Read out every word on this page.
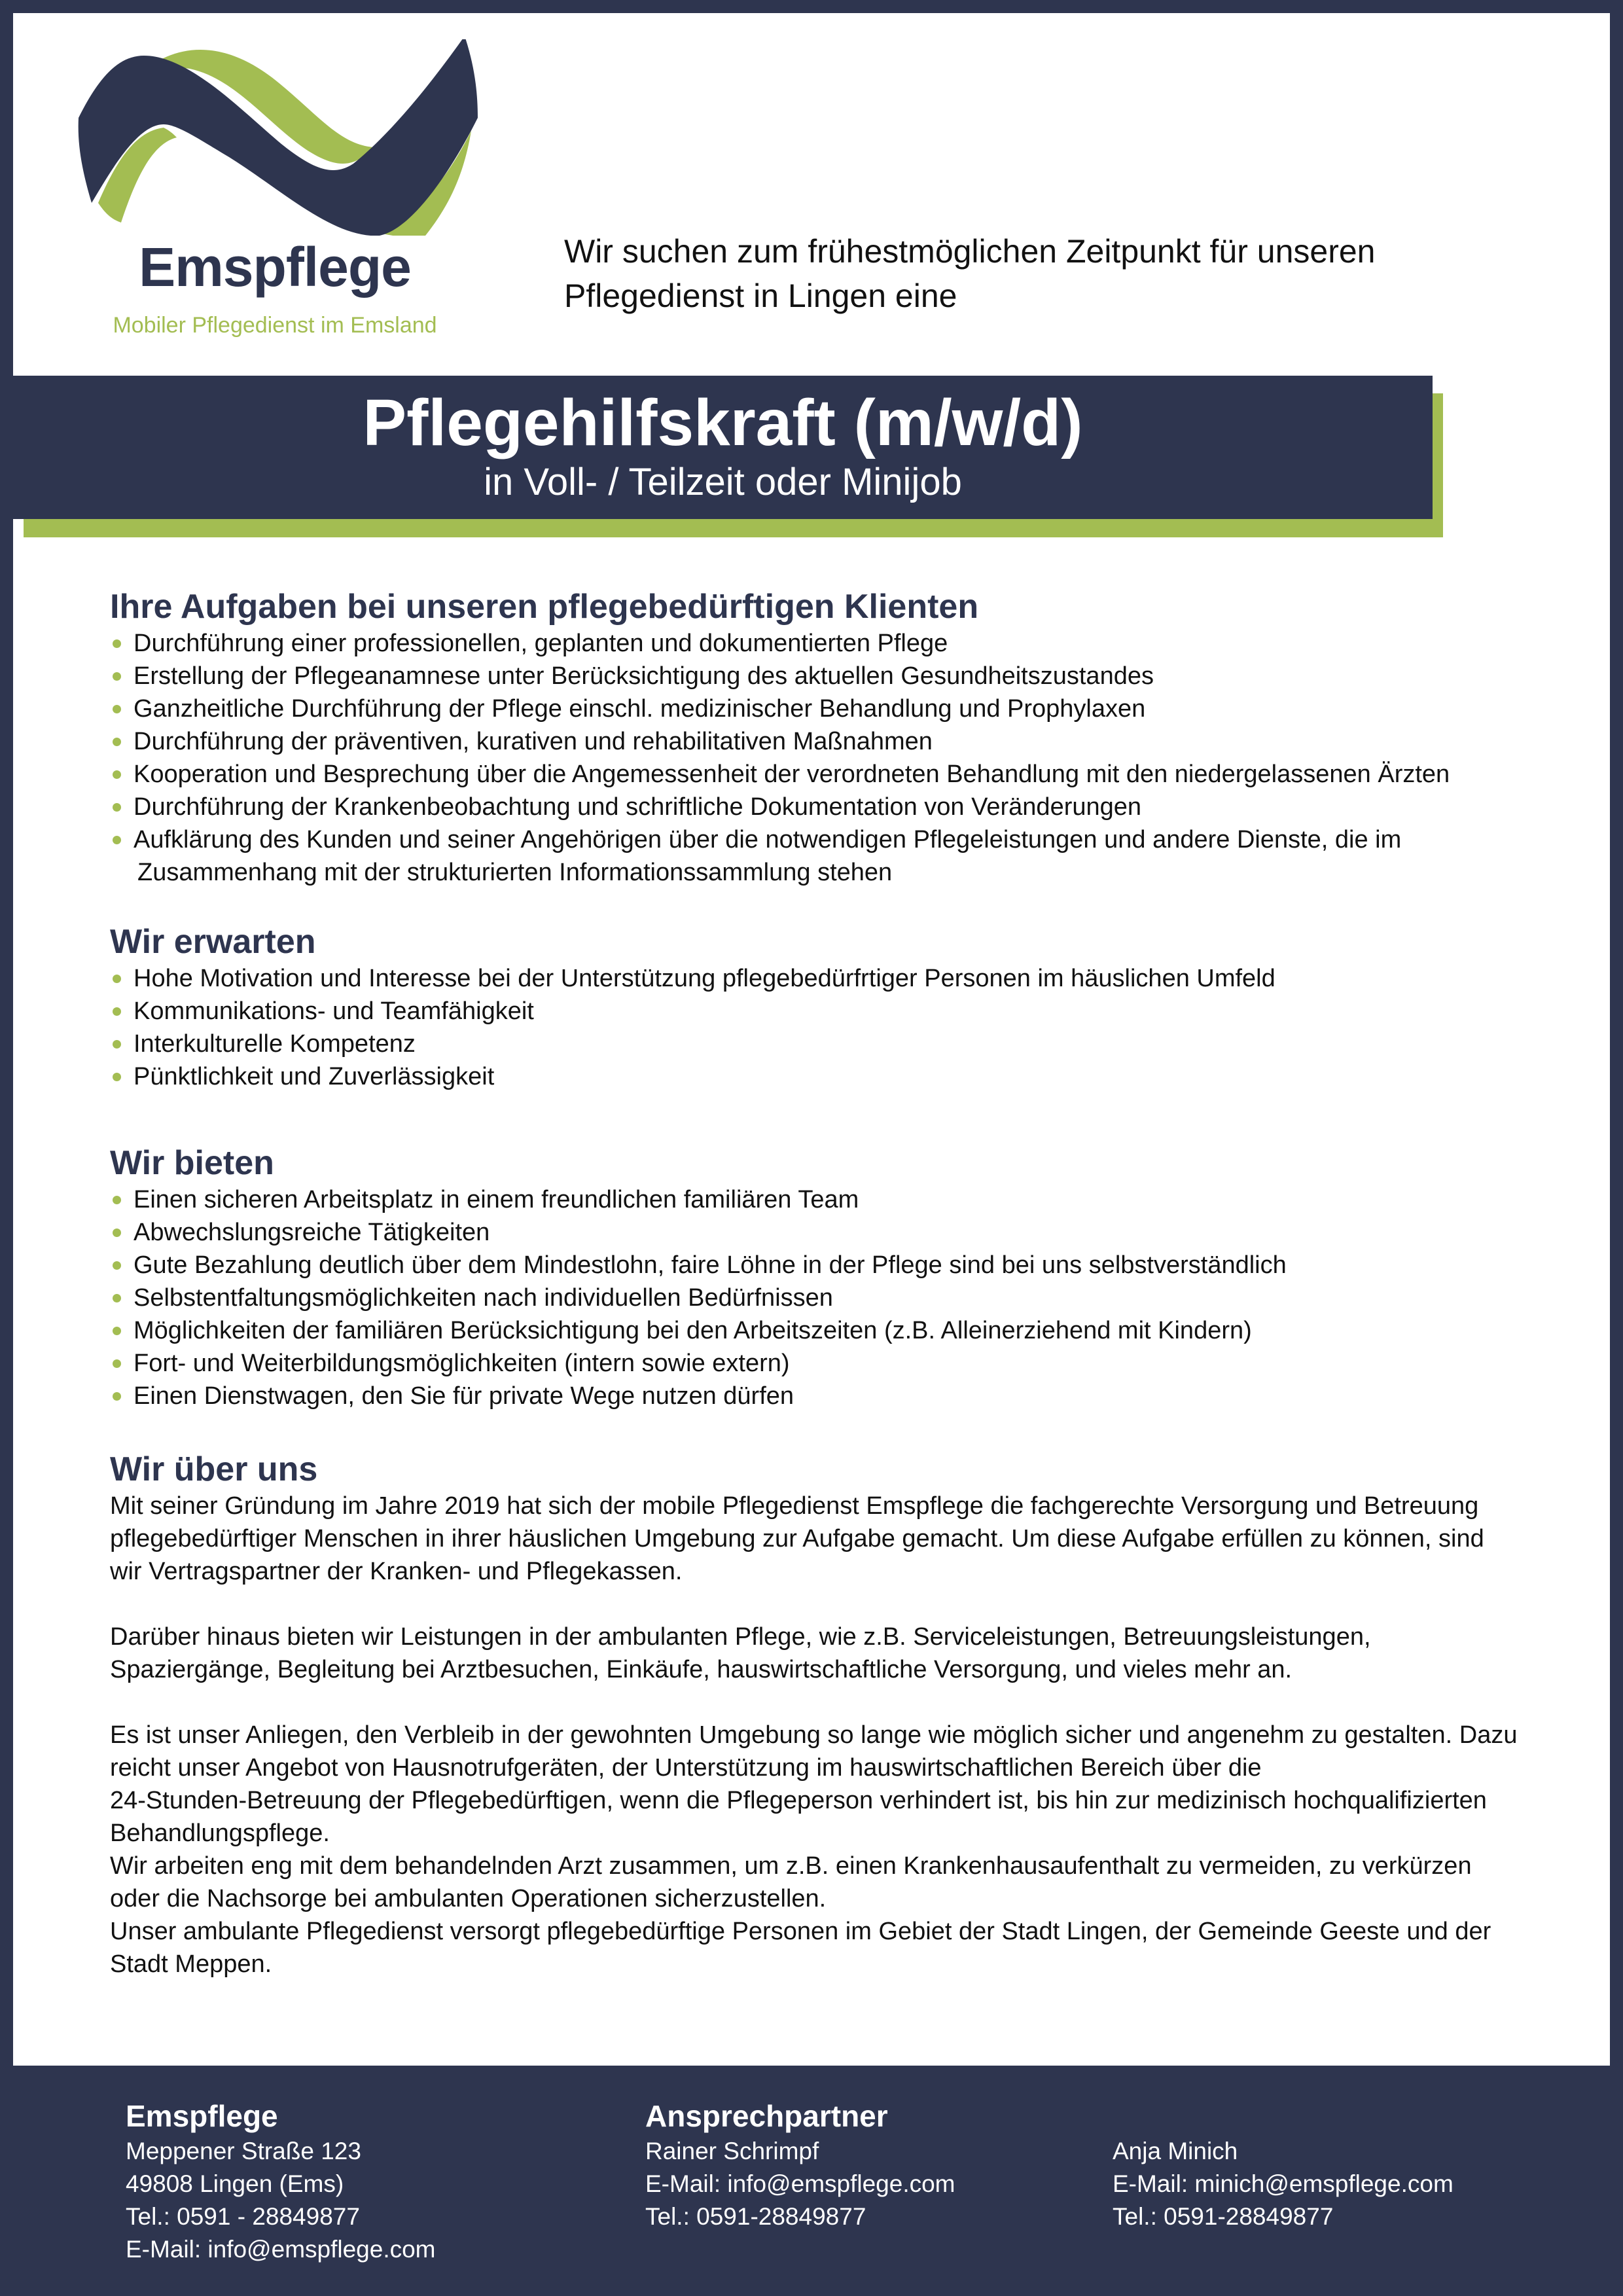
Emspflege
Mobiler Pflegedienst im Emsland
Wir suchen zum frühestmöglichen Zeitpunkt für unseren
Pflegedienst in Lingen eine
Pflegehilfskraft (m/w/d)
in Voll- / Teilzeit oder Minijob
Ihre Aufgaben bei unseren pflegebedürftigen Klienten
Durchführung einer professionellen, geplanten und dokumentierten Pflege
Erstellung der Pflegeanamnese unter Berücksichtigung des aktuellen Gesundheitszustandes
Ganzheitliche Durchführung der Pflege einschl. medizinischer Behandlung und Prophylaxen
Durchführung der präventiven, kurativen und rehabilitativen Maßnahmen
Kooperation und Besprechung über die Angemessenheit der verordneten Behandlung mit den niedergelassenen Ärzten
Durchführung der Krankenbeobachtung und schriftliche Dokumentation von Veränderungen
Aufklärung des Kunden und seiner Angehörigen über die notwendigen Pflegeleistungen und andere Dienste, die im
Zusammenhang mit der strukturierten Informationssammlung stehen
Wir erwarten
Hohe Motivation und Interesse bei der Unterstützung pflegebedürfrtiger Personen im häuslichen Umfeld
Kommunikations- und Teamfähigkeit
Interkulturelle Kompetenz
Pünktlichkeit und Zuverlässigkeit
Wir bieten
Einen sicheren Arbeitsplatz in einem freundlichen familiären Team
Abwechslungsreiche Tätigkeiten
Gute Bezahlung deutlich über dem Mindestlohn, faire Löhne in der Pflege sind bei uns selbstverständlich
Selbstentfaltungsmöglichkeiten nach individuellen Bedürfnissen
Möglichkeiten der familiären Berücksichtigung bei den Arbeitszeiten (z.B. Alleinerziehend mit Kindern)
Fort- und Weiterbildungsmöglichkeiten (intern sowie extern)
Einen Dienstwagen, den Sie für private Wege nutzen dürfen
Wir über uns
Mit seiner Gründung im Jahre 2019 hat sich der mobile Pflegedienst Emspflege die fachgerechte Versorgung und Betreuung
pflegebedürftiger Menschen in ihrer häuslichen Umgebung zur Aufgabe gemacht. Um diese Aufgabe erfüllen zu können, sind
wir Vertragspartner der Kranken- und Pflegekassen.
Darüber hinaus bieten wir Leistungen in der ambulanten Pflege, wie z.B. Serviceleistungen, Betreuungsleistungen,
Spaziergänge, Begleitung bei Arztbesuchen, Einkäufe, hauswirtschaftliche Versorgung, und vieles mehr an.
Es ist unser Anliegen, den Verbleib in der gewohnten Umgebung so lange wie möglich sicher und angenehm zu gestalten. Dazu
reicht unser Angebot von Hausnotrufgeräten, der Unterstützung im hauswirtschaftlichen Bereich über die
24-Stunden-Betreuung der Pflegebedürftigen, wenn die Pflegeperson verhindert ist, bis hin zur medizinisch hochqualifizierten
Behandlungspflege.
Wir arbeiten eng mit dem behandelnden Arzt zusammen, um z.B. einen Krankenhausaufenthalt zu vermeiden, zu verkürzen
oder die Nachsorge bei ambulanten Operationen sicherzustellen.
Unser ambulante Pflegedienst versorgt pflegebedürftige Personen im Gebiet der Stadt Lingen, der Gemeinde Geeste und der
Stadt Meppen.
Emspflege
Meppener Straße 123
49808 Lingen (Ems)
Tel.: 0591 - 28849877
E-Mail: info@emspflege.com
Ansprechpartner
Rainer Schrimpf
E-Mail: info@emspflege.com
Tel.: 0591-28849877
Anja Minich
E-Mail: minich@emspflege.com
Tel.: 0591-28849877
